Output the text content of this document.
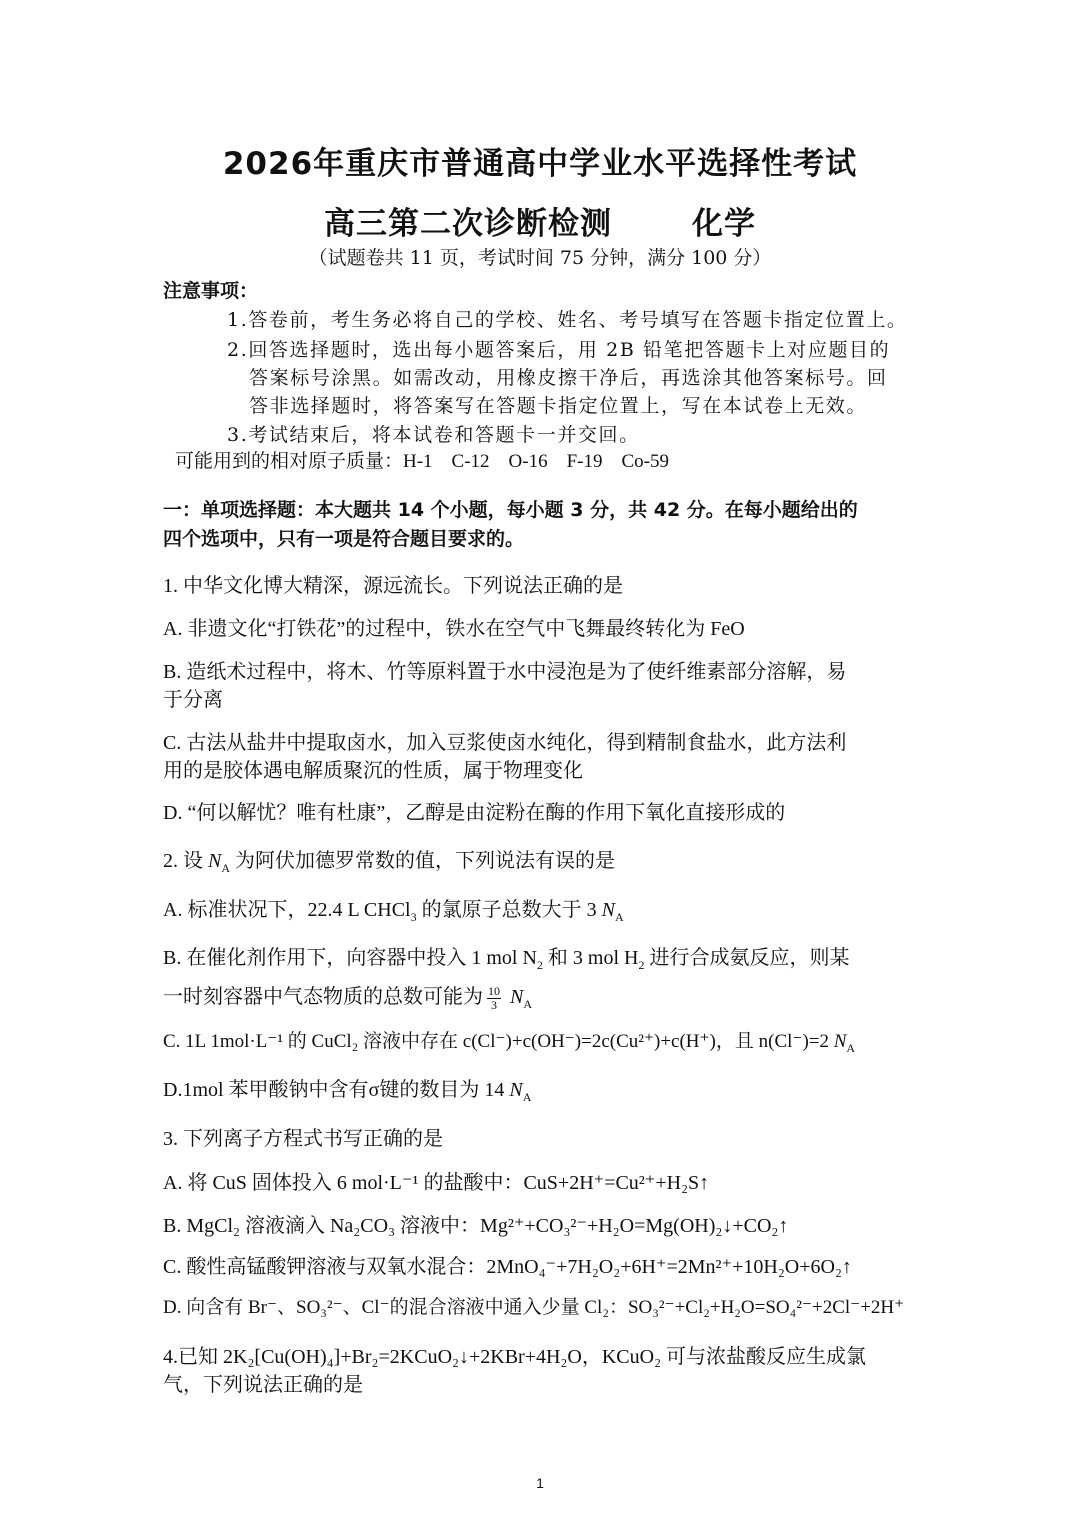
2026年重庆市普通高中学业水平选择性考试
高三第二次诊断检测	化学
（试题卷共 11 页，考试时间 75 分钟，满分 100 分）
注意事项：
1.答卷前，考生务必将自己的学校、姓名、考号填写在答题卡指定位置上。
2.回答选择题时，选出每小题答案后，用 2B 铅笔把答题卡上对应题目的
答案标号涂黑。如需改动，用橡皮擦干净后，再选涂其他答案标号。回
答非选择题时，将答案写在答题卡指定位置上，写在本试卷上无效。
3.考试结束后，将本试卷和答题卡一并交回。
可能用到的相对原子质量：H-1　C-12　O-16　F-19　Co-59
一：单项选择题：本大题共 14 个小题，每小题 3 分，共 42 分。在每小题给出的
四个选项中，只有一项是符合题目要求的。
1. 中华文化博大精深，源远流长。下列说法正确的是
A. 非遗文化“打铁花”的过程中，铁水在空气中飞舞最终转化为 FeO
B. 造纸术过程中，将木、竹等原料置于水中浸泡是为了使纤维素部分溶解，易
于分离
C. 古法从盐井中提取卤水，加入豆浆使卤水纯化，得到精制食盐水，此方法利
用的是胶体遇电解质聚沉的性质，属于物理变化
D. “何以解忧？唯有杜康”，乙醇是由淀粉在酶的作用下氧化直接形成的
2. 设 $N_A$ 为阿伏加德罗常数的值，下列说法有误的是
A. 标准状况下，22.4 L CHCl$_3$ 的氯原子总数大于 3 $N_A$
B. 在催化剂作用下，向容器中投入 1 mol $N_2$ 和 3 mol $H_2$ 进行合成氨反应，则某
一时刻容器中气态物质的总数可能为 $\frac{10}{3} N_A$
C. 1L 1mol·L⁻¹ 的 CuCl₂ 溶液中存在 c(Cl⁻)+c(OH⁻)=2c(Cu²⁺)+c(H⁺)，且 n(Cl⁻)=2 $N_A$
D.1mol 苯甲酸钠中含有σ键的数目为 14 $N_A$
3. 下列离子方程式书写正确的是
A. 将 CuS 固体投入 6 mol·L⁻¹ 的盐酸中：CuS+2H⁺=Cu²⁺+H₂S↑
B. MgCl₂ 溶液滴入 Na₂CO₃ 溶液中：Mg²⁺+CO₃²⁻+H₂O=Mg(OH)₂↓+CO₂↑
C. 酸性高锰酸钾溶液与双氧水混合：2MnO₄⁻+7H₂O₂+6H⁺=2Mn²⁺+10H₂O+6O₂↑
D. 向含有 Br⁻、SO₃²⁻、Cl⁻的混合溶液中通入少量 Cl₂：SO₃²⁻+Cl₂+H₂O=SO₄²⁻+2Cl⁻+2H⁺
4.已知 2K₂[Cu(OH)₄]+Br₂=2KCuO₂↓+2KBr+4H₂O，KCuO₂ 可与浓盐酸反应生成氯
气，下列说法正确的是
1
